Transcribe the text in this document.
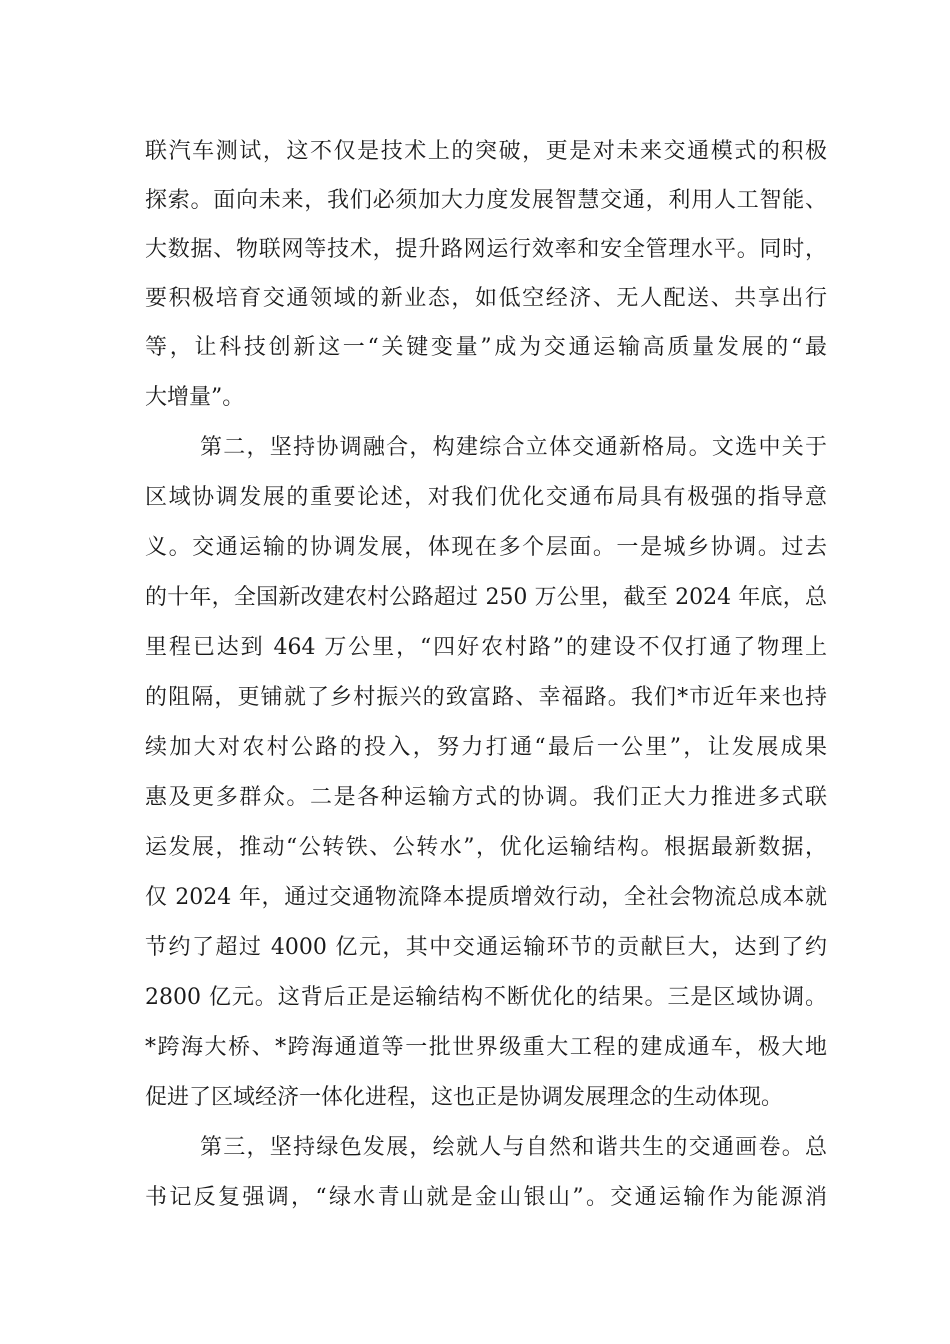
联汽车测试，这不仅是技术上的突破，更是对未来交通模式的积极
探索。面向未来，我们必须加大力度发展智慧交通，利用人工智能、
大数据、物联网等技术，提升路网运行效率和安全管理水平。同时，
要积极培育交通领域的新业态，如低空经济、无人配送、共享出行
等，让科技创新这一“关键变量”成为交通运输高质量发展的“最
大增量”。
第二，坚持协调融合，构建综合立体交通新格局。文选中关于
区域协调发展的重要论述，对我们优化交通布局具有极强的指导意
义。交通运输的协调发展，体现在多个层面。一是城乡协调。过去
的十年，全国新改建农村公路超过 250 万公里，截至 2024 年底，总
里程已达到 464 万公里，“四好农村路”的建设不仅打通了物理上
的阻隔，更铺就了乡村振兴的致富路、幸福路。我们*市近年来也持
续加大对农村公路的投入，努力打通“最后一公里”，让发展成果
惠及更多群众。二是各种运输方式的协调。我们正大力推进多式联
运发展，推动“公转铁、公转水”，优化运输结构。根据最新数据，
仅 2024 年，通过交通物流降本提质增效行动，全社会物流总成本就
节约了超过 4000 亿元，其中交通运输环节的贡献巨大，达到了约
2800 亿元。这背后正是运输结构不断优化的结果。三是区域协调。
*跨海大桥、*跨海通道等一批世界级重大工程的建成通车，极大地
促进了区域经济一体化进程，这也正是协调发展理念的生动体现。
第三，坚持绿色发展，绘就人与自然和谐共生的交通画卷。总
书记反复强调，“绿水青山就是金山银山”。交通运输作为能源消
